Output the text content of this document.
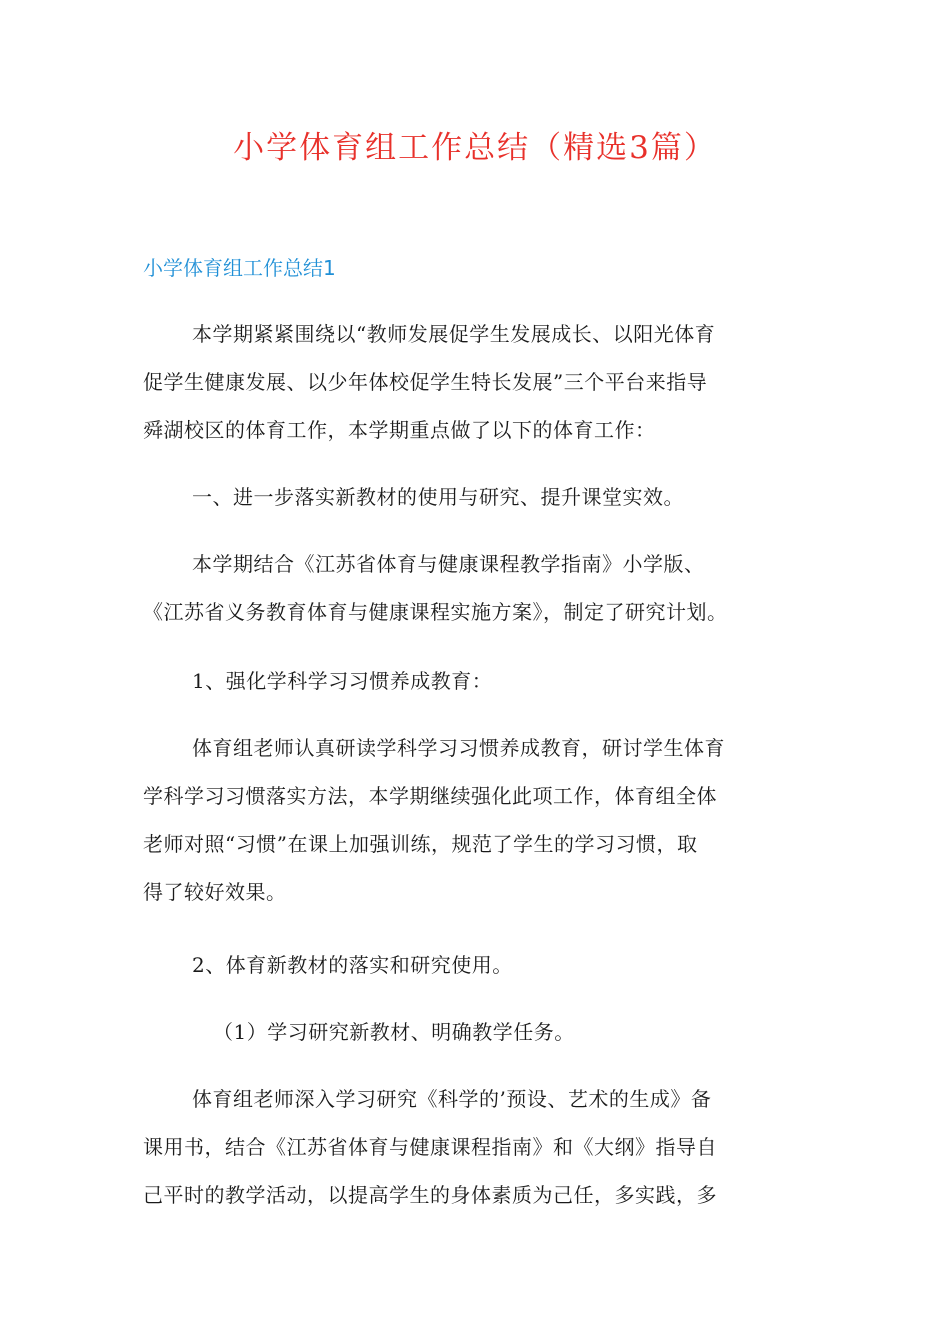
小学体育组工作总结（精选3篇）
小学体育组工作总结1

本学期紧紧围绕以“教师发展促学生发展成长、以阳光体育
促学生健康发展、以少年体校促学生特长发展”三个平台来指导
舜湖校区的体育工作，本学期重点做了以下的体育工作：

一、进一步落实新教材的使用与研究、提升课堂实效。

本学期结合《江苏省体育与健康课程教学指南》小学版、
《江苏省义务教育体育与健康课程实施方案》，制定了研究计划。

1、强化学科学习习惯养成教育：

体育组老师认真研读学科学习习惯养成教育，研讨学生体育
学科学习习惯落实方法，本学期继续强化此项工作，体育组全体
老师对照“习惯”在课上加强训练，规范了学生的学习习惯，取
得了较好效果。

2、体育新教材的落实和研究使用。

（1）学习研究新教材、明确教学任务。

体育组老师深入学习研究《科学的’预设、艺术的生成》备
课用书，结合《江苏省体育与健康课程指南》和《大纲》指导自
己平时的教学活动，以提高学生的身体素质为己任，多实践，多
